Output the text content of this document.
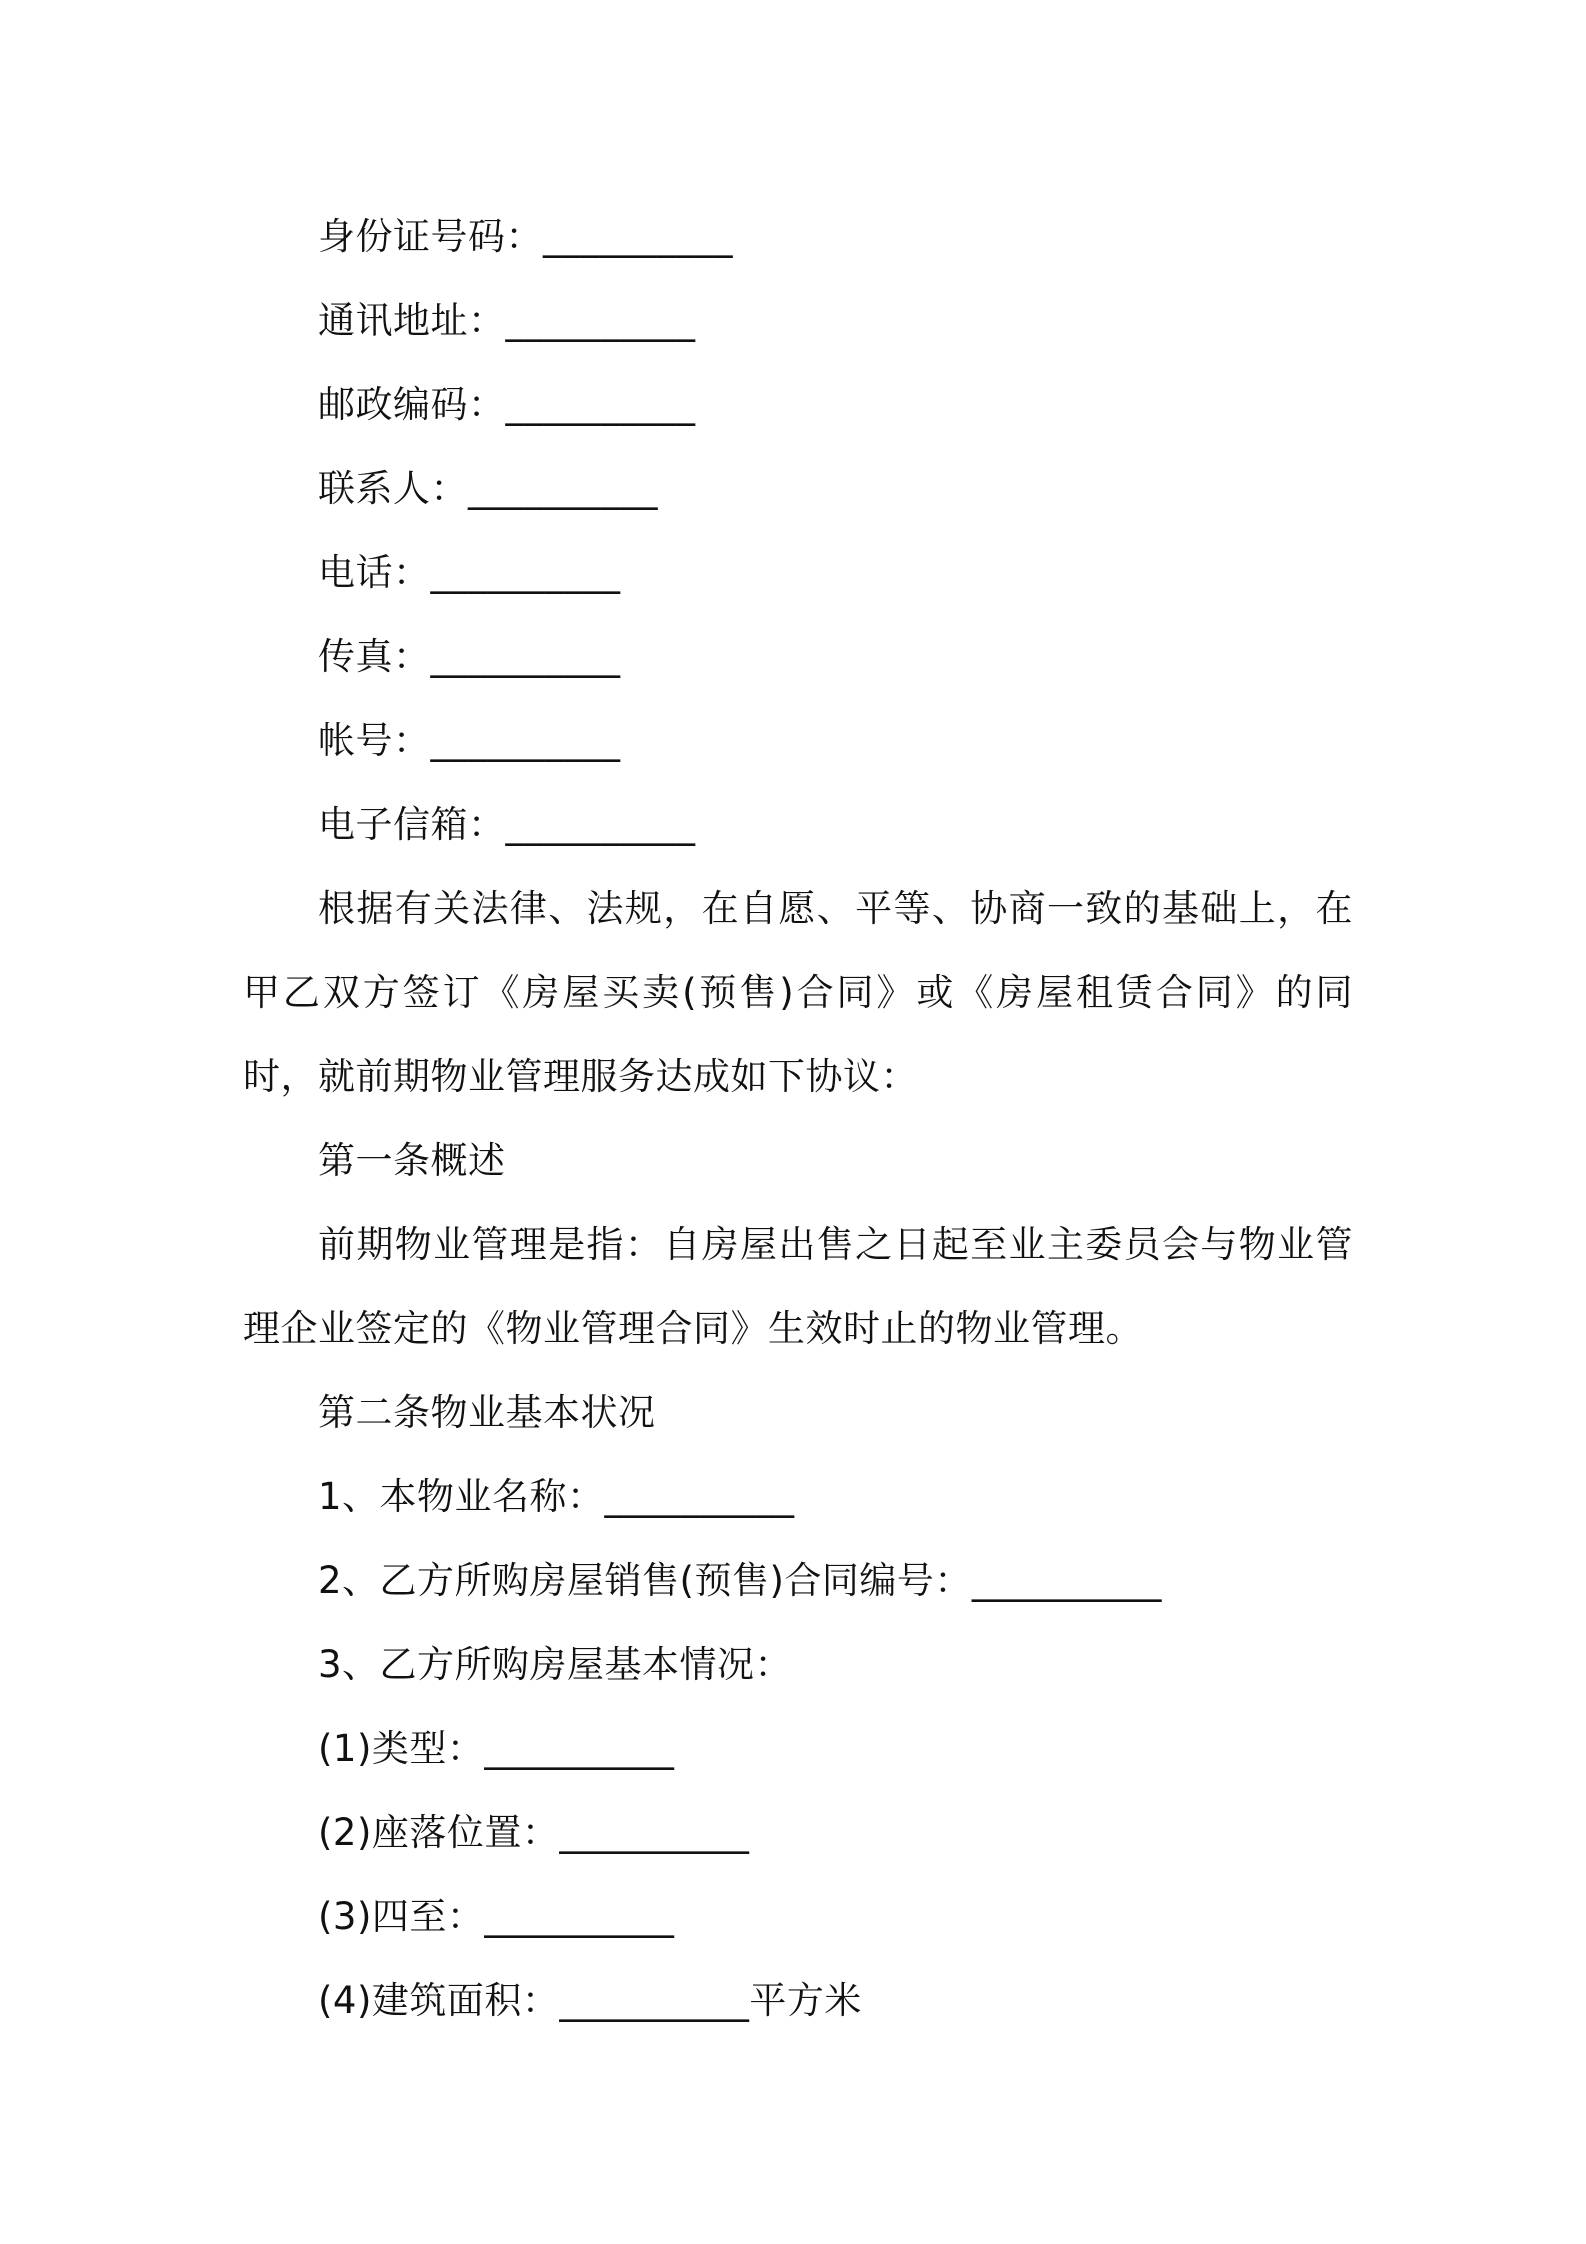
身份证号码：__________
通讯地址：__________
邮政编码：__________
联系人：__________
电话：__________
传真：__________
帐号：__________
电子信箱：__________
根据有关法律、法规，在自愿、平等、协商一致的基础上，在甲乙双方签订《房屋买卖(预售)合同》或《房屋租赁合同》的同时，就前期物业管理服务达成如下协议：
第一条概述
前期物业管理是指：自房屋出售之日起至业主委员会与物业管理企业签定的《物业管理合同》生效时止的物业管理。
第二条物业基本状况
1、本物业名称：__________
2、乙方所购房屋销售(预售)合同编号：__________
3、乙方所购房屋基本情况：
(1)类型：__________
(2)座落位置：__________
(3)四至：__________
(4)建筑面积：__________平方米
